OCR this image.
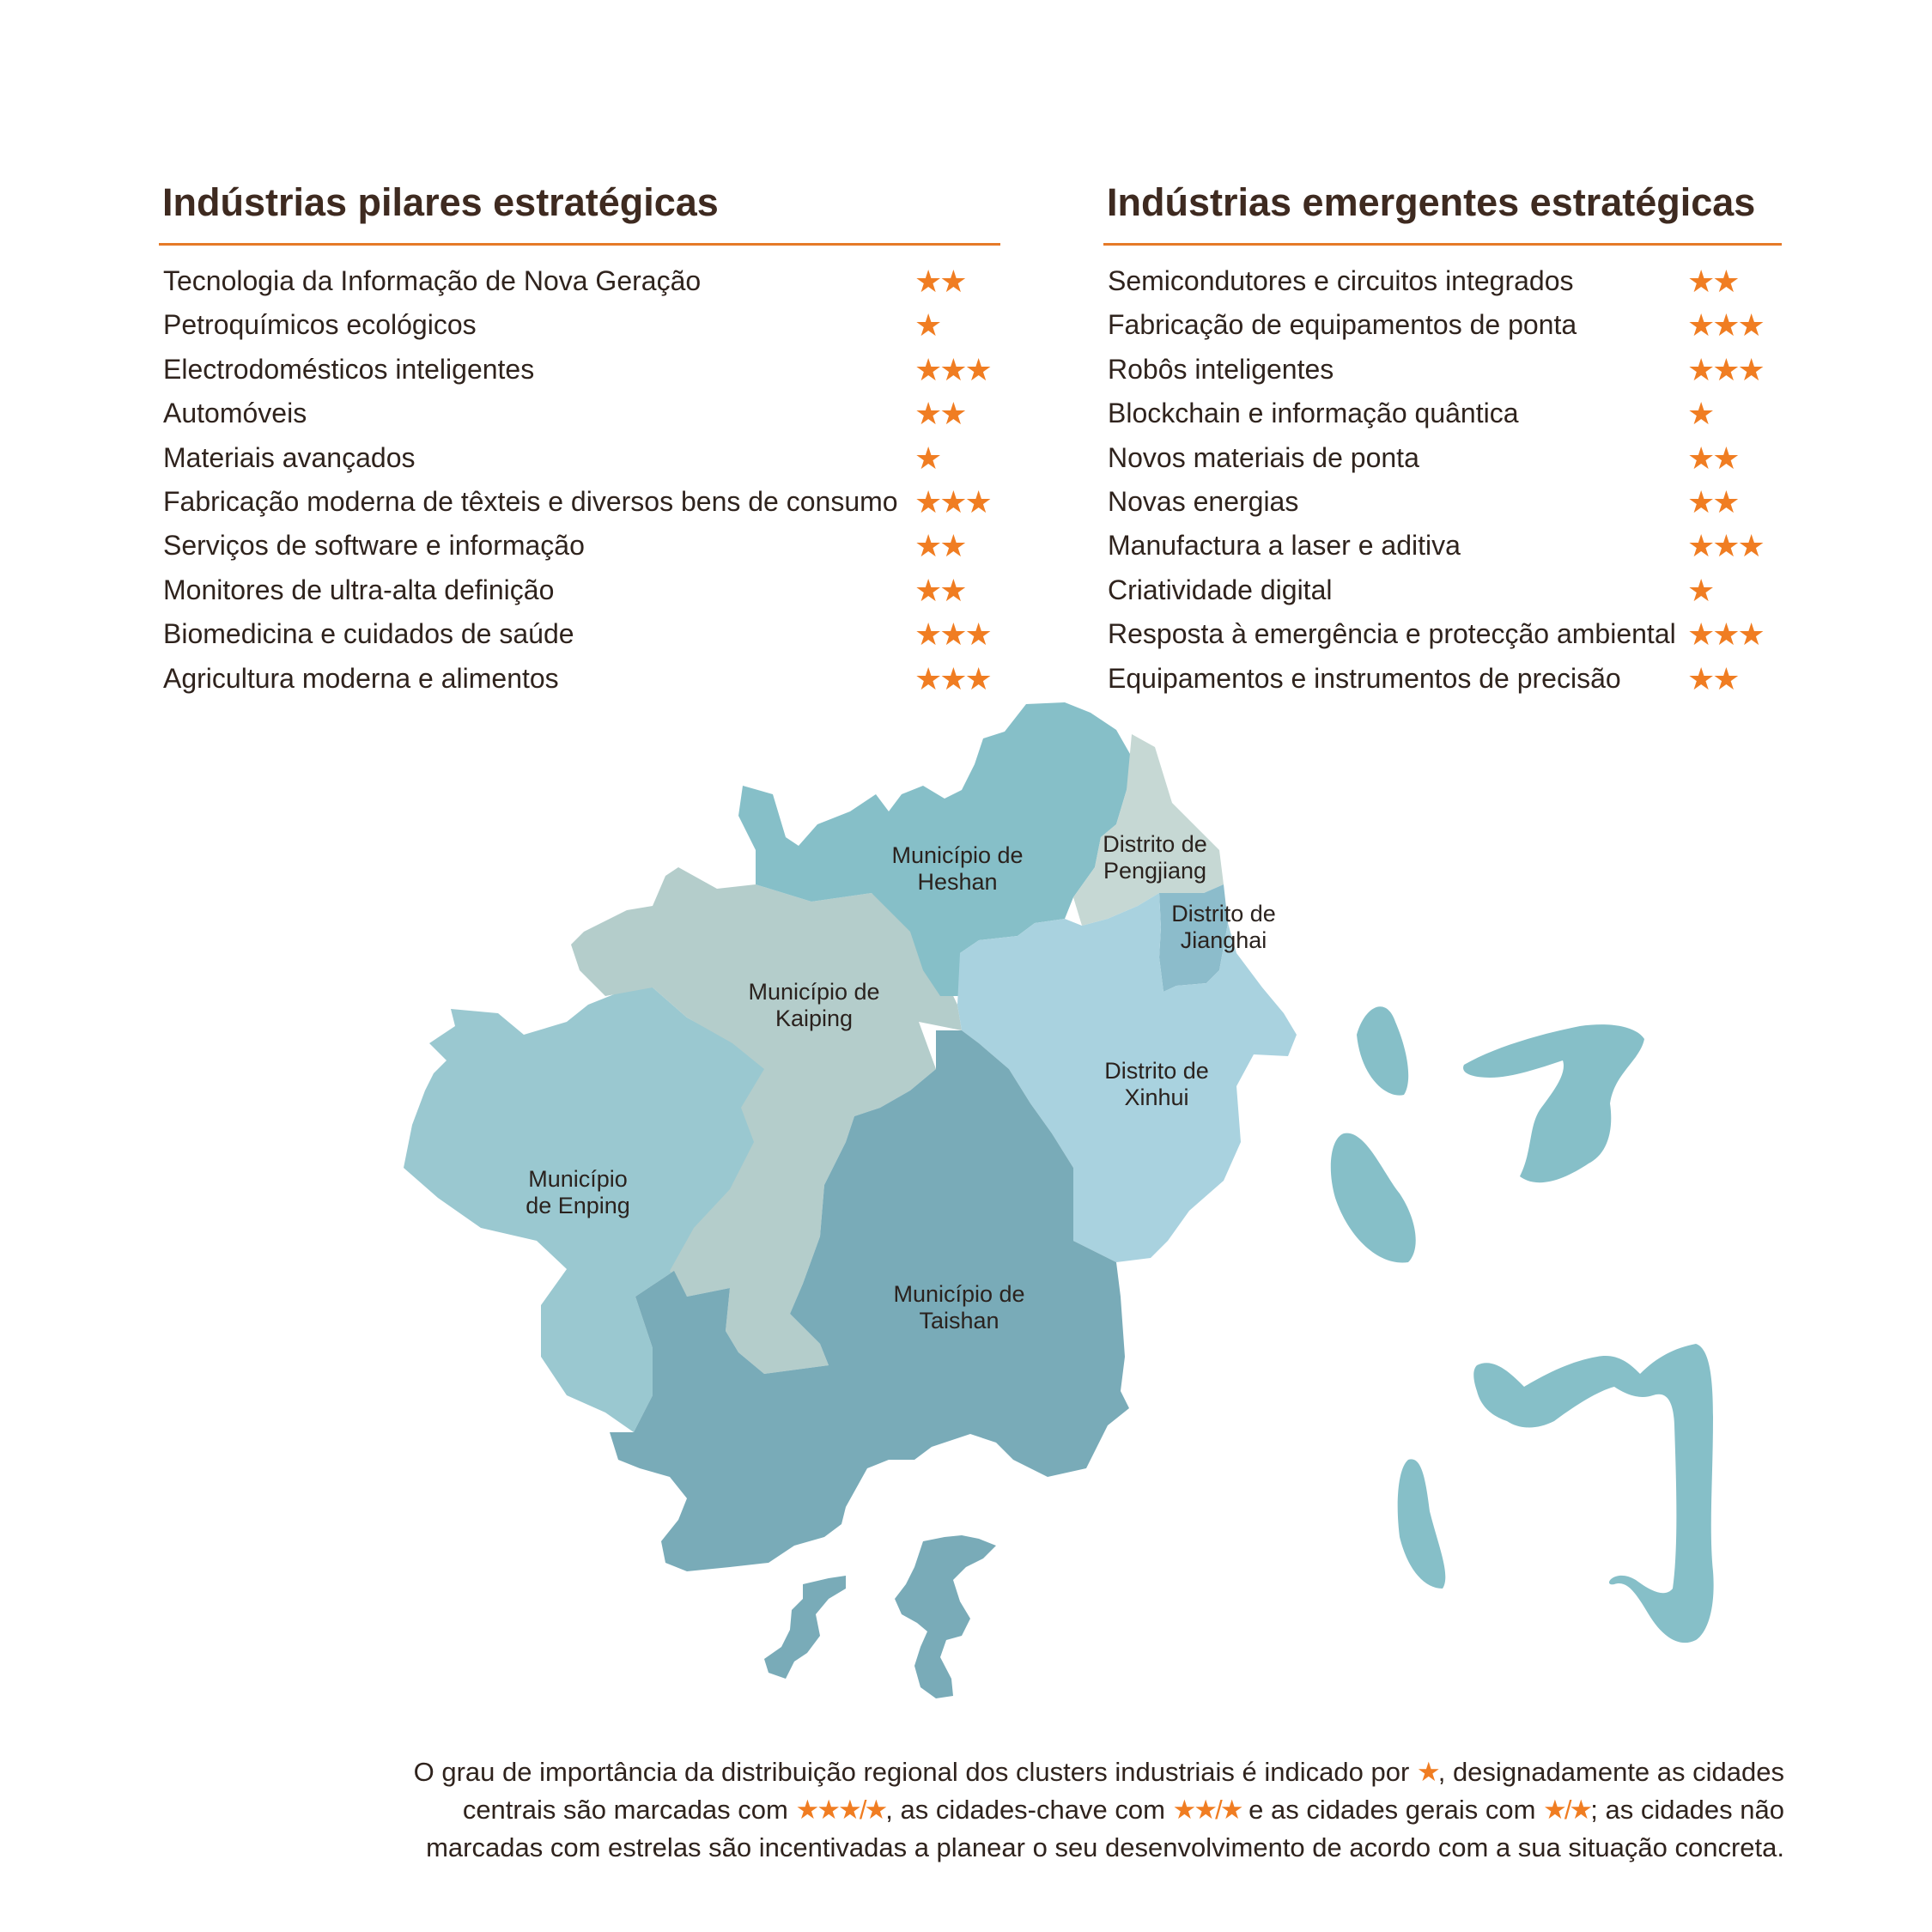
Indústrias pilares estratégicas
Tecnologia da Informação de Nova Geração	★★
Petroquímicos ecológicos	★
Electrodomésticos inteligentes	★★★
Automóveis	★★
Materiais avançados	★
Fabricação moderna de têxteis e diversos bens de consumo ★★★
Serviços de software e informação	★★
Monitores de ultra-alta definição	★★
Biomedicina e cuidados de saúde	★★★
Agricultura moderna e alimentos	★★★
Indústrias emergentes estratégicas
Semicondutores e circuitos integrados	★★
Fabricação de equipamentos de ponta	★★★
Robôs inteligentes	★★★
Blockchain e informação quântica	★
Novos materiais de ponta	★★
Novas energias	★★
Manufactura a laser e aditiva	★★★
Criatividade digital	★
Resposta à emergência e protecção ambiental ★★★
Equipamentos e instrumentos de precisão ★★
Município de Heshan
Distrito de Pengjiang
Distrito de Jianghai
Município de Kaiping
Distrito de Xinhui
Município de Enping
Município de Taishan
O grau de importância da distribuição regional dos clusters industriais é indicado por ★, designadamente as cidades
centrais são marcadas com ★★★/★, as cidades-chave com ★★/★ e as cidades gerais com ★/★; as cidades não
marcadas com estrelas são incentivadas a planear o seu desenvolvimento de acordo com a sua situação concreta.
